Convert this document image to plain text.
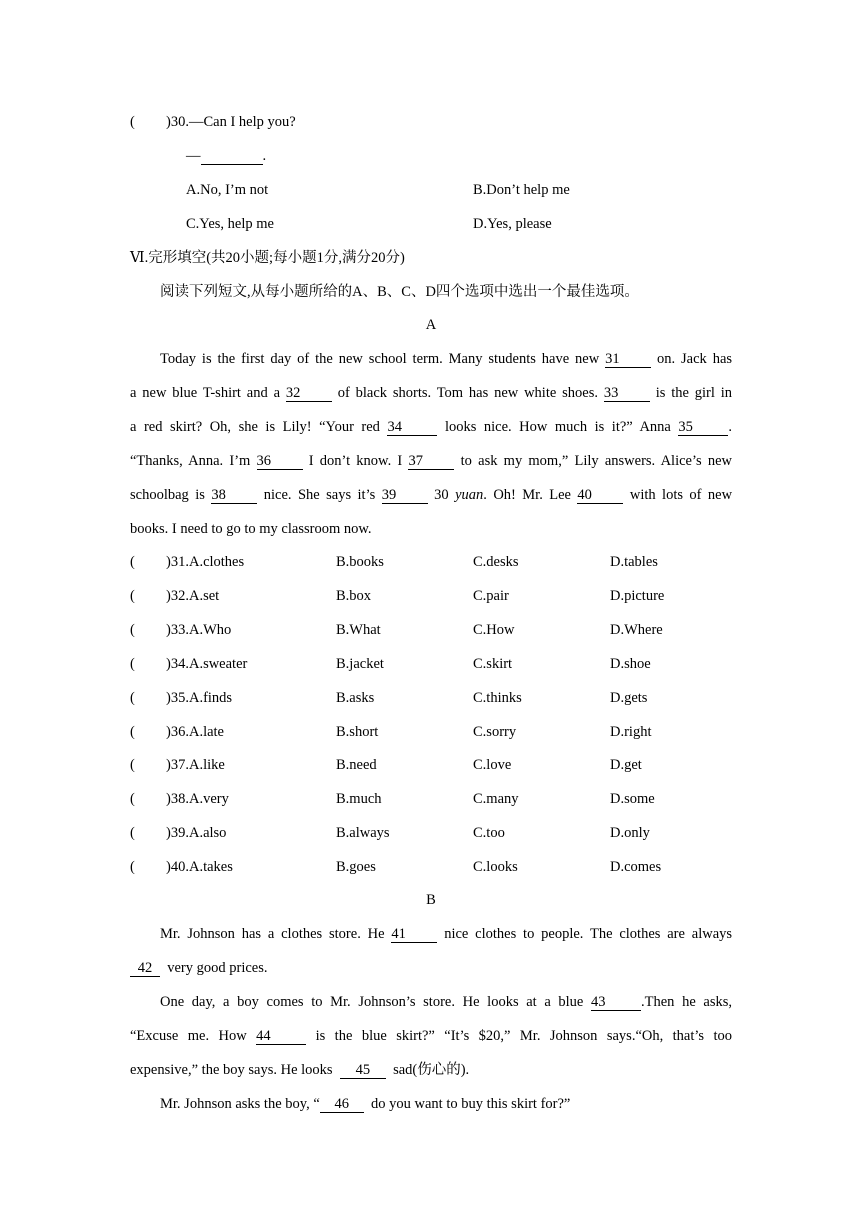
( )30.—Can I help you?
—	.
A.No, I’m not	B.Don’t help me
C.Yes, help me	D.Yes, please
Ⅵ.完形填空(共20小题;每小题1分,满分20分)
阅读下列短文,从每小题所给的A、B、C、D四个选项中选出一个最佳选项。
A
Today is the first day of the new school term. Many students have new 31	on. Jack has
a new blue T-shirt and a 32	of black shorts. Tom has new white shoes. 33	is the girl in
a red skirt? Oh, she is Lily! “Your red 34	looks nice. How much is it?” Anna 35 .
“Thanks, Anna. I’m 36	I don’t know. I 37	to ask my mom,” Lily answers. Alice’s new
schoolbag is 38	nice. She says it’s 39	30 yuan. Oh! Mr. Lee 40	with lots of new
books. I need to go to my classroom now.
( )31.A.clothes	B.books	C.desks	D.tables
( )32.A.set	B.box	C.pair	D.picture
( )33.A.Who	B.What	C.How	D.Where
( )34.A.sweater	B.jacket	C.skirt	D.shoe
( )35.A.finds	B.asks	C.thinks	D.gets
( )36.A.late	B.short	C.sorry	D.right
( )37.A.like	B.need	C.love	D.get
( )38.A.very	B.much	C.many	D.some
( )39.A.also	B.always	C.too	D.only
( )40.A.takes	B.goes	C.looks	D.comes
B
Mr. Johnson has a clothes store. He 41	nice clothes to people. The clothes are always
42 very good prices.
One day, a boy comes to Mr. Johnson’s store. He looks at a blue 43 .Then he asks,
“Excuse me. How 44	is the blue skirt?” “It’s $20,” Mr. Johnson says.“Oh, that’s too
expensive,” the boy says. He looks 45 sad(伤心的).
Mr. Johnson asks the boy, “ 46 do you want to buy this skirt for?”
